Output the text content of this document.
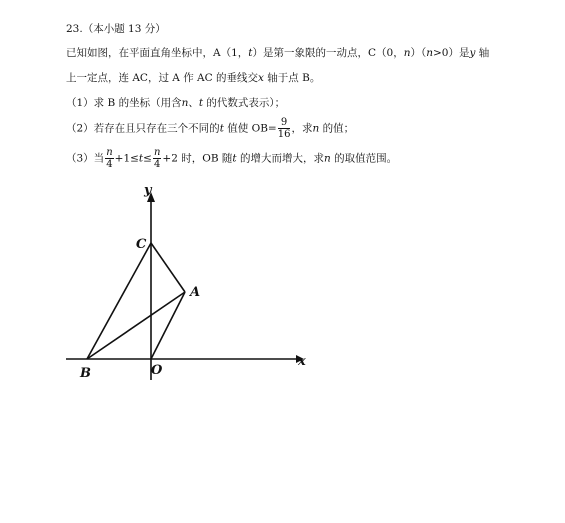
23.（本小题 13 分）
已知如图，在平面直角坐标中，A（1，t）是第一象限的一动点，C（0，n）（n>0）是y 轴
上一定点，连 AC，过 A 作 AC 的垂线交x 轴于点 B。
（1）求 B 的坐标（用含n、t 的代数式表示）；
（2）若存在且只存在三个不同的t 值使 $OB= \frac{9}{16}$ ，求n 的值；
（3）当 $\frac{n}{4} +1\le t\le \frac{n}{4} +2$ 时，OB 随t 的增大而增大，求n 的取值范围。
y
x
C
A
B	O
